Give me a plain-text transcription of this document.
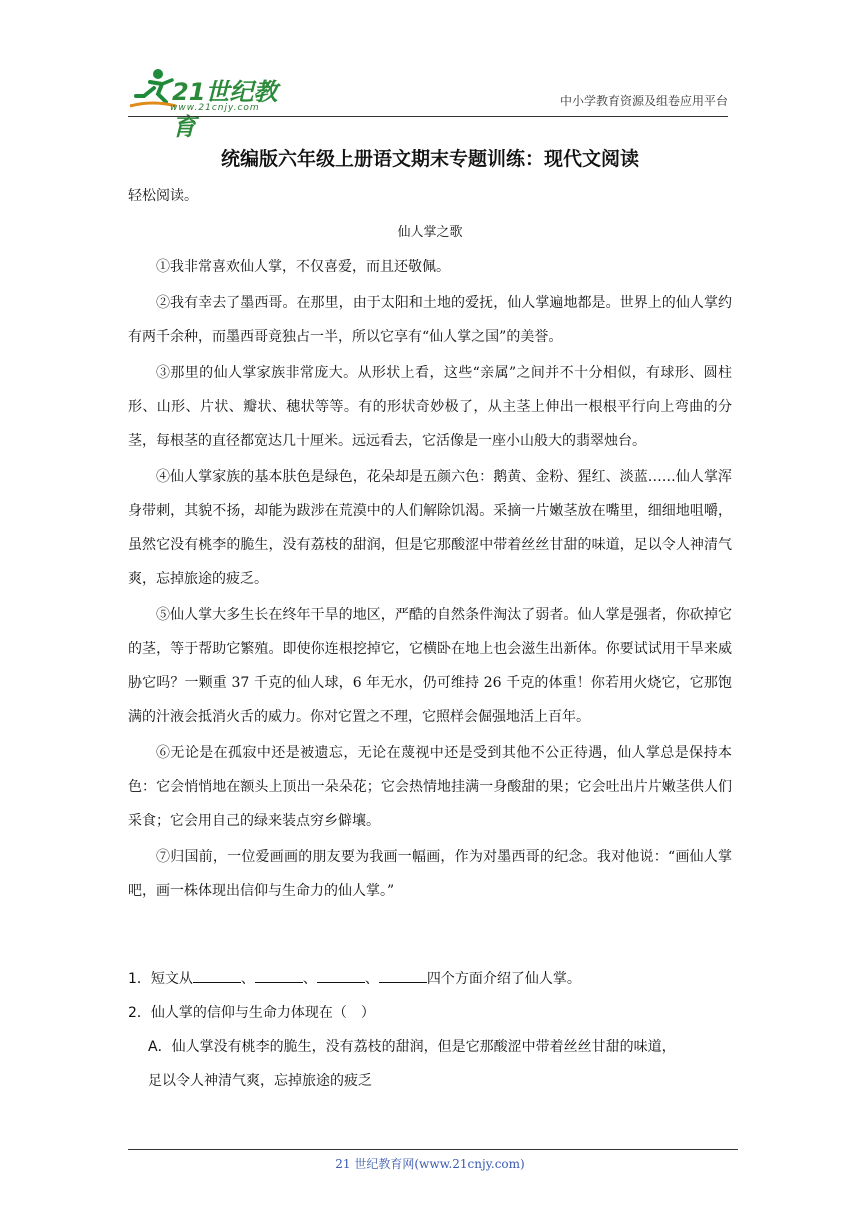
21世纪教育
www.21cnjy.com	中小学教育资源及组卷应用平台
统编版六年级上册语文期末专题训练：现代文阅读
轻松阅读。
仙人掌之歌

①我非常喜欢仙人掌，不仅喜爱，而且还敬佩。

②我有幸去了墨西哥。在那里，由于太阳和土地的爱抚，仙人掌遍地都是。世界上的仙人掌约有两千余种，而墨西哥竟独占一半，所以它享有“仙人掌之国”的美誉。

③那里的仙人掌家族非常庞大。从形状上看，这些“亲属”之间并不十分相似，有球形、圆柱形、山形、片状、瓣状、穗状等等。有的形状奇妙极了，从主茎上伸出一根根平行向上弯曲的分茎，每根茎的直径都宽达几十厘米。远远看去，它活像是一座小山般大的翡翠烛台。

④仙人掌家族的基本肤色是绿色，花朵却是五颜六色：鹅黄、金粉、猩红、淡蓝……仙人掌浑身带刺，其貌不扬，却能为跋涉在荒漠中的人们解除饥渴。采摘一片嫩茎放在嘴里，细细地咀嚼，虽然它没有桃李的脆生，没有荔枝的甜润，但是它那酸涩中带着丝丝甘甜的味道，足以令人神清气爽，忘掉旅途的疲乏。

⑤仙人掌大多生长在终年干旱的地区，严酷的自然条件淘汰了弱者。仙人掌是强者，你砍掉它的茎，等于帮助它繁殖。即使你连根挖掉它，它横卧在地上也会滋生出新体。你要试试用干旱来威胁它吗？一颗重 37 千克的仙人球，6 年无水，仍可维持 26 千克的体重！你若用火烧它，它那饱满的汁液会抵消火舌的威力。你对它置之不理，它照样会倔强地活上百年。

⑥无论是在孤寂中还是被遗忘，无论在蔑视中还是受到其他不公正待遇，仙人掌总是保持本色：它会悄悄地在额头上顶出一朵朵花；它会热情地挂满一身酸甜的果；它会吐出片片嫩茎供人们采食；它会用自己的绿来装点穷乡僻壤。

⑦归国前，一位爱画画的朋友要为我画一幅画，作为对墨西哥的纪念。我对他说：“画仙人掌吧，画一株体现出信仰与生命力的仙人掌。”

1．短文从	、	、	、	四个方面介绍了仙人掌。
2．仙人掌的信仰与生命力体现在（　）
A．仙人掌没有桃李的脆生，没有荔枝的甜润，但是它那酸涩中带着丝丝甘甜的味道，
足以令人神清气爽，忘掉旅途的疲乏
21 世纪教育网(www.21cnjy.com)
